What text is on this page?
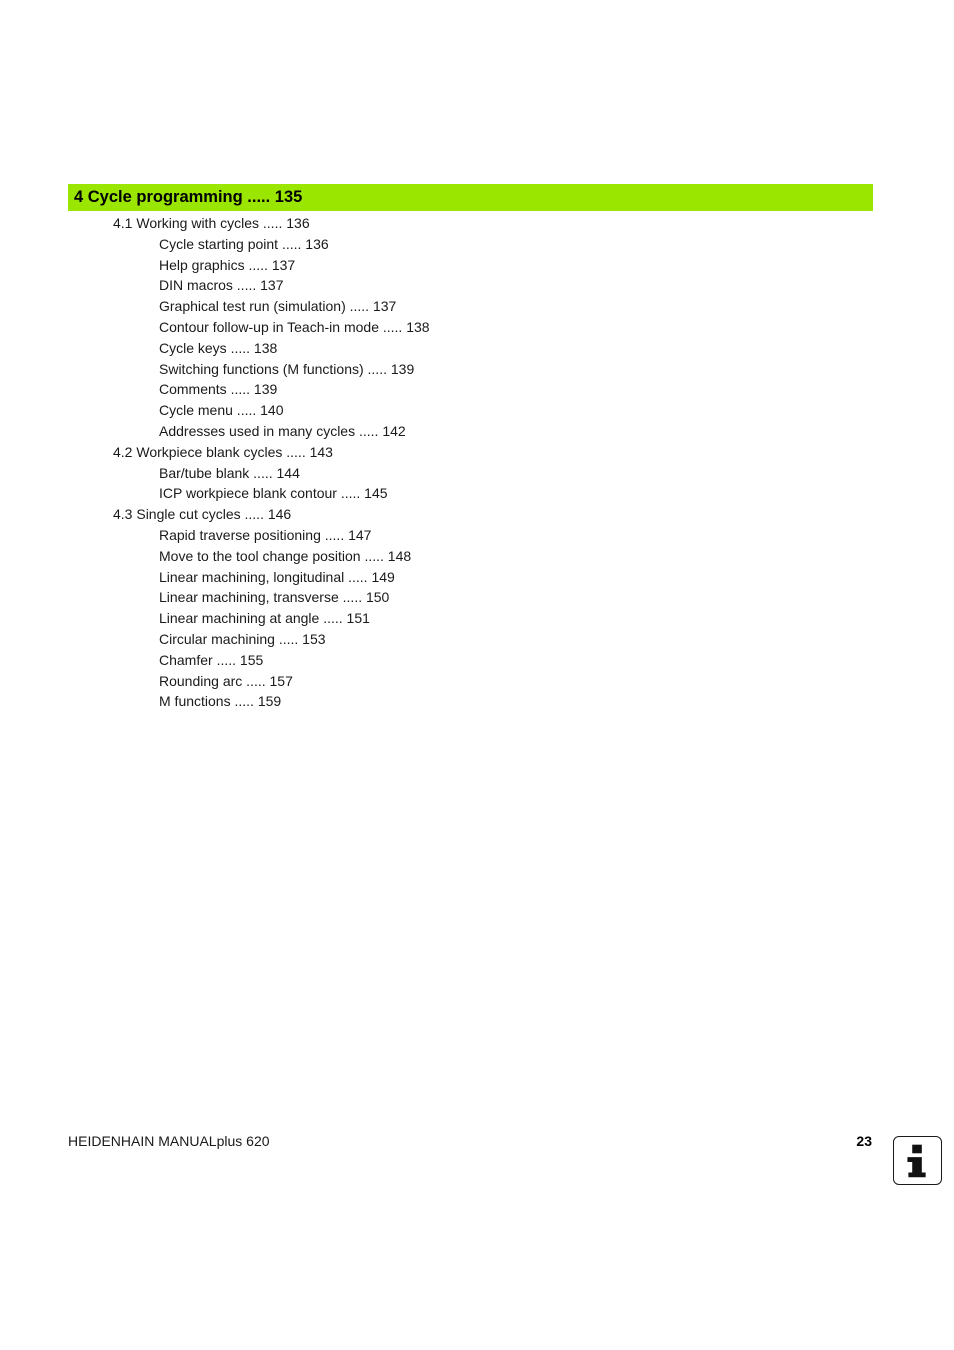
4 Cycle programming ..... 135
4.1 Working with cycles ..... 136
Cycle starting point ..... 136
Help graphics ..... 137
DIN macros ..... 137
Graphical test run (simulation) ..... 137
Contour follow-up in Teach-in mode ..... 138
Cycle keys ..... 138
Switching functions (M functions) ..... 139
Comments ..... 139
Cycle menu ..... 140
Addresses used in many cycles ..... 142
4.2 Workpiece blank cycles ..... 143
Bar/tube blank ..... 144
ICP workpiece blank contour ..... 145
4.3 Single cut cycles ..... 146
Rapid traverse positioning ..... 147
Move to the tool change position ..... 148
Linear machining, longitudinal ..... 149
Linear machining, transverse ..... 150
Linear machining at angle ..... 151
Circular machining ..... 153
Chamfer ..... 155
Rounding arc ..... 157
M functions ..... 159
HEIDENHAIN MANUALplus 620	23
